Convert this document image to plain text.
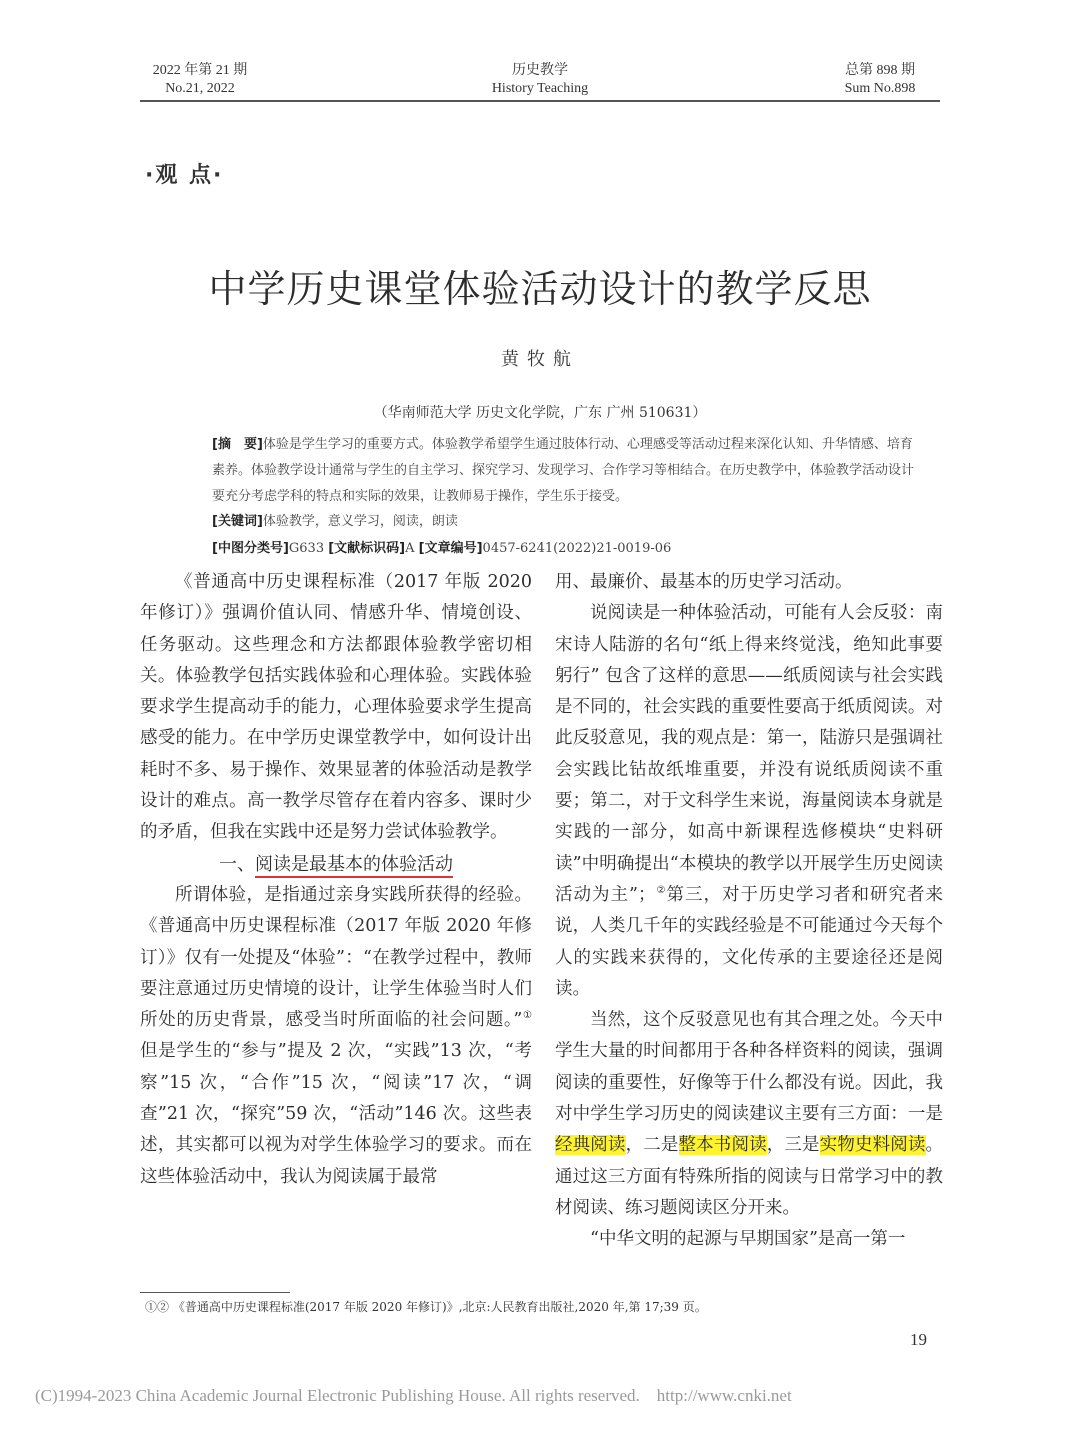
2022 年第 21 期
No.21, 2022
历史教学
History Teaching
总第 898 期
Sum No.898
·观 点·
中学历史课堂体验活动设计的教学反思
黄牧航
（华南师范大学 历史文化学院，广东 广州 510631）
[摘　要]体验是学生学习的重要方式。体验教学希望学生通过肢体行动、心理感受等活动过程来深化认知、升华情感、培育素养。体验教学设计通常与学生的自主学习、探究学习、发现学习、合作学习等相结合。在历史教学中，体验教学活动设计要充分考虑学科的特点和实际的效果，让教师易于操作，学生乐于接受。
[关键词]体验教学，意义学习，阅读，朗读
[中图分类号]G633 [文献标识码]A [文章编号]0457-6241(2022)21-0019-06

《普通高中历史课程标准（2017 年版 2020 年修订）》强调价值认同、情感升华、情境创设、任务驱动。这些理念和方法都跟体验教学密切相关。体验教学包括实践体验和心理体验。实践体验要求学生提高动手的能力，心理体验要求学生提高感受的能力。在中学历史课堂教学中，如何设计出耗时不多、易于操作、效果显著的体验活动是教学设计的难点。高一教学尽管存在着内容多、课时少的矛盾，但我在实践中还是努力尝试体验教学。

一、阅读是最基本的体验活动

所谓体验，是指通过亲身实践所获得的经验。《普通高中历史课程标准（2017 年版 2020 年修订）》仅有一处提及“体验”：“在教学过程中，教师要注意通过历史情境的设计，让学生体验当时人们所处的历史背景，感受当时所面临的社会问题。”①但是学生的“参与”提及 2 次，“实践”13 次，“考察”15 次，“合作”15 次，“阅读”17 次，“调查”21 次，“探究”59 次，“活动”146 次。这些表述，其实都可以视为对学生体验学习的要求。而在这些体验活动中，我认为阅读属于最常

用、最廉价、最基本的历史学习活动。

说阅读是一种体验活动，可能有人会反驳：南宋诗人陆游的名句“纸上得来终觉浅，绝知此事要躬行” 包含了这样的意思——纸质阅读与社会实践是不同的，社会实践的重要性要高于纸质阅读。对此反驳意见，我的观点是：第一，陆游只是强调社会实践比钻故纸堆重要，并没有说纸质阅读不重要；第二，对于文科学生来说，海量阅读本身就是实践的一部分，如高中新课程选修模块“史料研读”中明确提出“本模块的教学以开展学生历史阅读活动为主”；②第三，对于历史学习者和研究者来说，人类几千年的实践经验是不可能通过今天每个人的实践来获得的，文化传承的主要途径还是阅读。

当然，这个反驳意见也有其合理之处。今天中学生大量的时间都用于各种各样资料的阅读，强调阅读的重要性，好像等于什么都没有说。因此，我对中学生学习历史的阅读建议主要有三方面：一是经典阅读，二是整本书阅读，三是实物史料阅读。通过这三方面有特殊所指的阅读与日常学习中的教材阅读、练习题阅读区分开来。

“中华文明的起源与早期国家”是高一第一

①② 《普通高中历史课程标准(2017 年版 2020 年修订)》,北京:人民教育出版社,2020 年,第 17;39 页。
19
(C)1994-2023 China Academic Journal Electronic Publishing House. All rights reserved.    http://www.cnki.net
